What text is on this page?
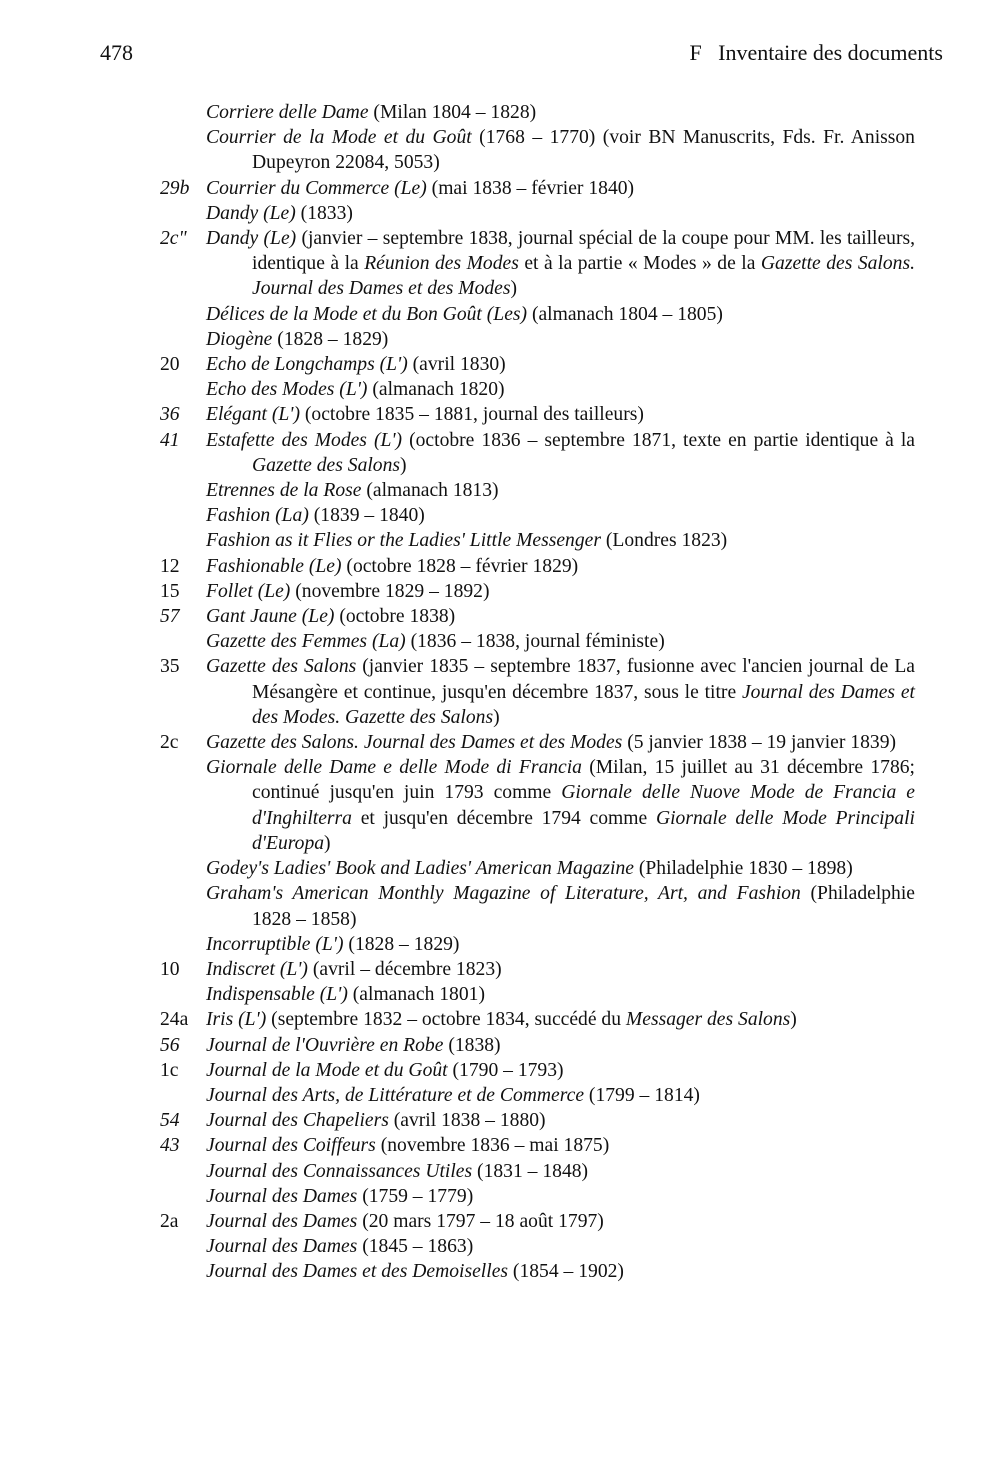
478	F   Inventaire des documents
Corriere delle Dame (Milan 1804 – 1828)
Courrier de la Mode et du Goût (1768 – 1770) (voir BN Manuscrits, Fds. Fr. Anisson Dupeyron 22084, 5053)
29b Courrier du Commerce (Le) (mai 1838 – février 1840)
Dandy (Le) (1833)
2c" Dandy (Le) (janvier – septembre 1838, journal spécial de la coupe pour MM. les tailleurs, identique à la Réunion des Modes et à la partie « Modes » de la Gazette des Salons. Journal des Dames et des Modes)
Délices de la Mode et du Bon Goût (Les) (almanach 1804 – 1805)
Diogène (1828 – 1829)
20	Echo de Longchamps (L') (avril 1830)
Echo des Modes (L') (almanach 1820)
36	Elégant (L') (octobre 1835 – 1881, journal des tailleurs)
41	Estafette des Modes (L') (octobre 1836 – septembre 1871, texte en partie identique à la Gazette des Salons)
Etrennes de la Rose (almanach 1813)
Fashion (La) (1839 – 1840)
Fashion as it Flies or the Ladies' Little Messenger (Londres 1823)
12	Fashionable (Le) (octobre 1828 – février 1829)
15	Follet (Le) (novembre 1829 – 1892)
57	Gant Jaune (Le) (octobre 1838)
Gazette des Femmes (La) (1836 – 1838, journal féministe)
35	Gazette des Salons (janvier 1835 – septembre 1837, fusionne avec l'ancien journal de La Mésangère et continue, jusqu'en décembre 1837, sous le titre Journal des Dames et des Modes. Gazette des Salons)
2c	Gazette des Salons. Journal des Dames et des Modes (5 janvier 1838 – 19 janvier 1839)
Giornale delle Dame e delle Mode di Francia (Milan, 15 juillet au 31 décembre 1786; continué jusqu'en juin 1793 comme Giornale delle Nuove Mode de Francia e d'Inghilterra et jusqu'en décembre 1794 comme Giornale delle Mode Principali d'Europa)
Godey's Ladies' Book and Ladies' American Magazine (Philadelphie 1830 – 1898)
Graham's American Monthly Magazine of Literature, Art, and Fashion (Philadelphie 1828 – 1858)
Incorruptible (L') (1828 – 1829)
10	Indiscret (L') (avril – décembre 1823)
Indispensable (L') (almanach 1801)
24a Iris (L') (septembre 1832 – octobre 1834, succédé du Messager des Salons)
56	Journal de l'Ouvrière en Robe (1838)
1c	Journal de la Mode et du Goût (1790 – 1793)
Journal des Arts, de Littérature et de Commerce (1799 – 1814)
54	Journal des Chapeliers (avril 1838 – 1880)
43	Journal des Coiffeurs (novembre 1836 – mai 1875)
Journal des Connaissances Utiles (1831 – 1848)
Journal des Dames (1759 – 1779)
2a	Journal des Dames (20 mars 1797 – 18 août 1797)
Journal des Dames (1845 – 1863)
Journal des Dames et des Demoiselles (1854 – 1902)
